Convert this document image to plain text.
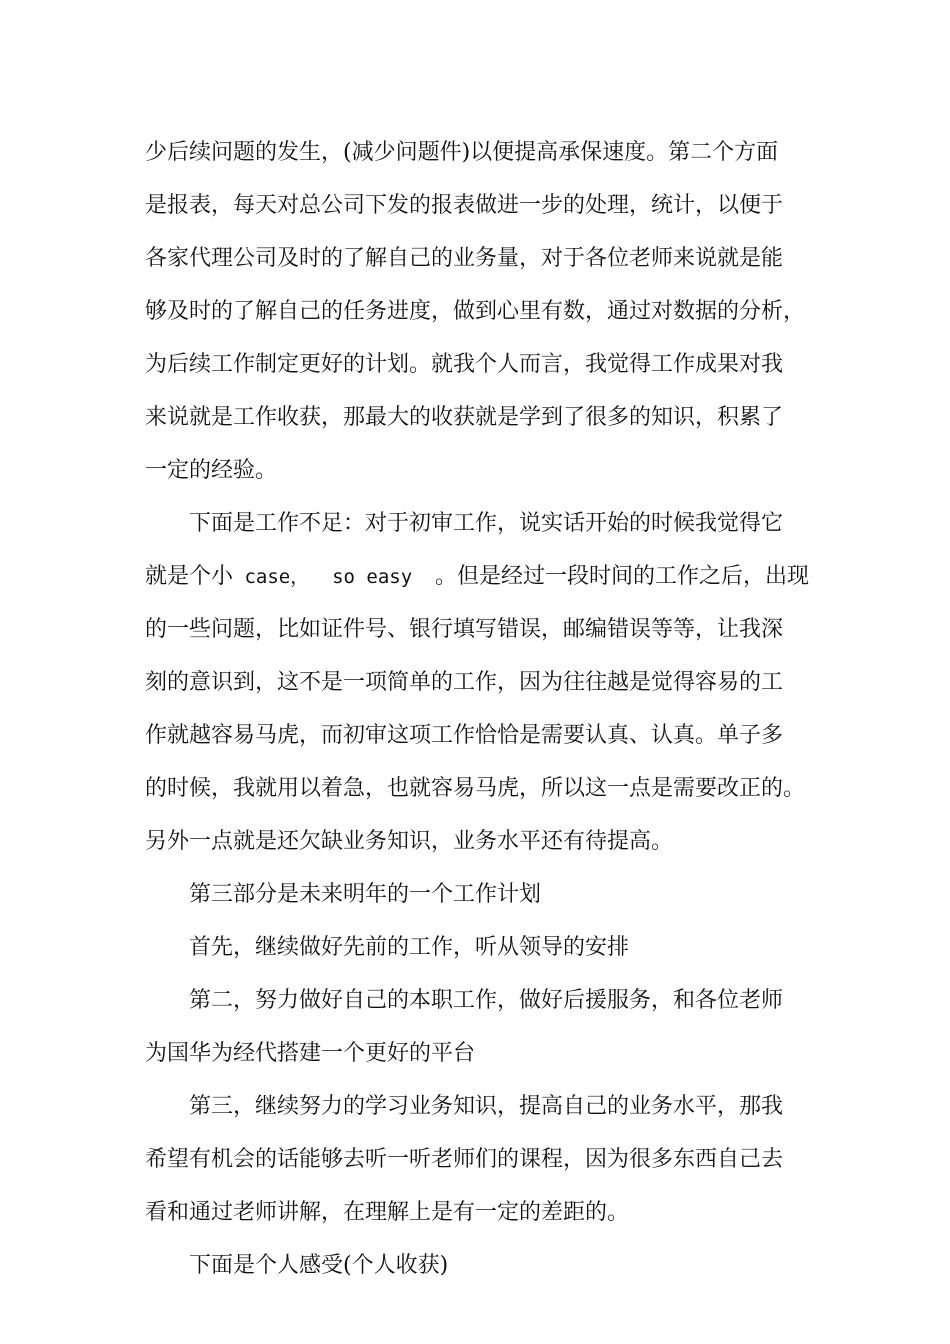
少后续问题的发生，(减少问题件)以便提高承保速度。第二个方面
是报表，每天对总公司下发的报表做进一步的处理，统计，以便于
各家代理公司及时的了解自己的业务量，对于各位老师来说就是能
够及时的了解自己的任务进度，做到心里有数，通过对数据的分析，
为后续工作制定更好的计划。就我个人而言，我觉得工作成果对我
来说就是工作收获，那最大的收获就是学到了很多的知识，积累了
一定的经验。
下面是工作不足：对于初审工作，说实话开始的时候我觉得它
就是个小 case，  so easy  。但是经过一段时间的工作之后，出现
的一些问题，比如证件号、银行填写错误，邮编错误等等，让我深
刻的意识到，这不是一项简单的工作，因为往往越是觉得容易的工
作就越容易马虎，而初审这项工作恰恰是需要认真、认真。单子多
的时候，我就用以着急，也就容易马虎，所以这一点是需要改正的。
另外一点就是还欠缺业务知识，业务水平还有待提高。
第三部分是未来明年的一个工作计划
首先，继续做好先前的工作，听从领导的安排
第二，努力做好自己的本职工作，做好后援服务，和各位老师
为国华为经代搭建一个更好的平台
第三，继续努力的学习业务知识，提高自己的业务水平，那我
希望有机会的话能够去听一听老师们的课程，因为很多东西自己去
看和通过老师讲解，在理解上是有一定的差距的。
下面是个人感受(个人收获)
